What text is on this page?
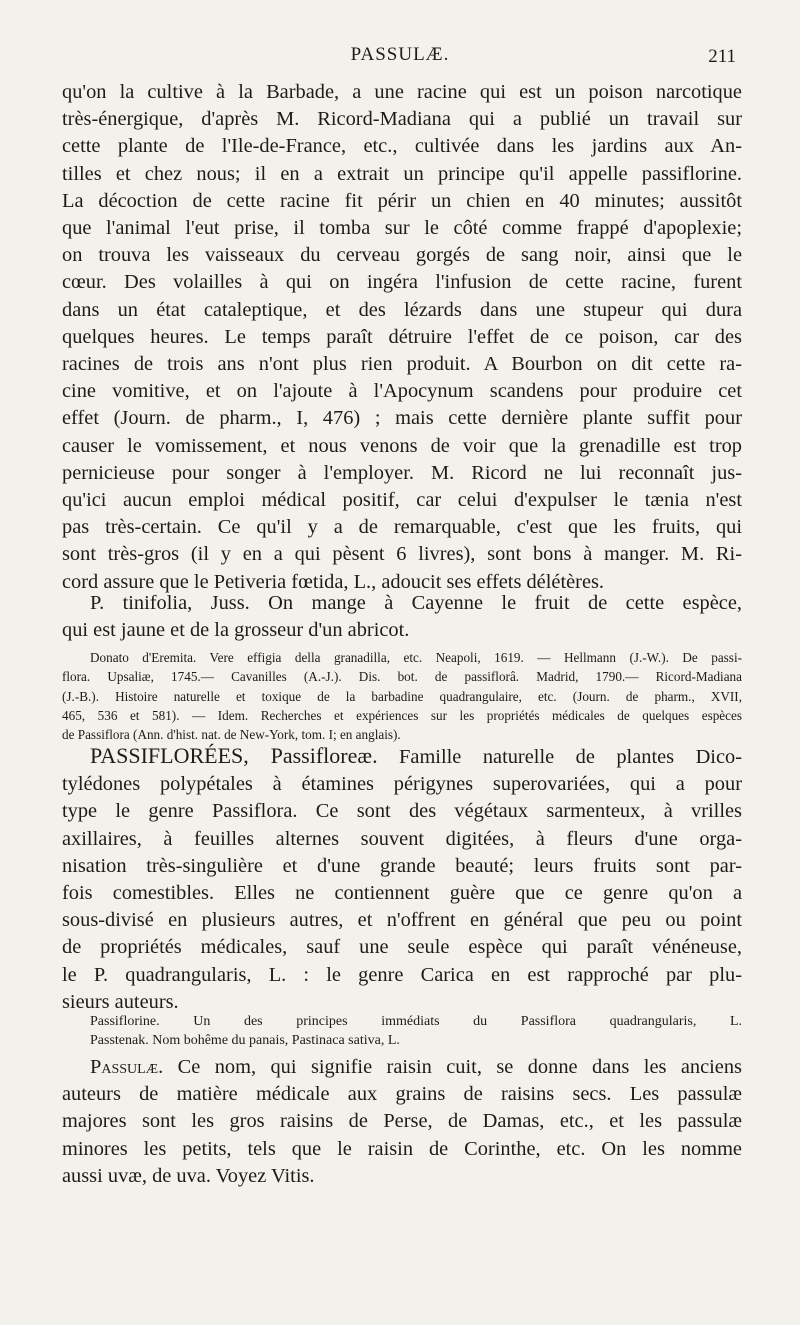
PASSULÆ.	211

qu'on la cultive à la Barbade, a une racine qui est un poison narcotique

très-énergique, d'après M. Ricord-Madiana qui a publié un travail sur

cette plante de l'Ile-de-France, etc., cultivée dans les jardins aux An-

tilles et chez nous; il en a extrait un principe qu'il appelle passiflorine.

La décoction de cette racine fit périr un chien en 40 minutes; aussitôt

que l'animal l'eut prise, il tomba sur le côté comme frappé d'apoplexie;

on trouva les vaisseaux du cerveau gorgés de sang noir, ainsi que le

cœur. Des volailles à qui on ingéra l'infusion de cette racine, furent

dans un état cataleptique, et des lézards dans une stupeur qui dura

quelques heures. Le temps paraît détruire l'effet de ce poison, car des

racines de trois ans n'ont plus rien produit. A Bourbon on dit cette ra-

cine vomitive, et on l'ajoute à l'Apocynum scandens pour produire cet

effet (Journ. de pharm., I, 476) ; mais cette dernière plante suffit pour

causer le vomissement, et nous venons de voir que la grenadille est trop

pernicieuse pour songer à l'employer. M. Ricord ne lui reconnaît jus-

qu'ici aucun emploi médical positif, car celui d'expulser le tænia n'est

pas très-certain. Ce qu'il y a de remarquable, c'est que les fruits, qui

sont très-gros (il y en a qui pèsent 6 livres), sont bons à manger. M. Ri-

cord assure que le Petiveria fœtida, L., adoucit ses effets délétères.

P. tinifolia, Juss. On mange à Cayenne le fruit de cette espèce,

qui est jaune et de la grosseur d'un abricot.

Donato d'Eremita. Vere effigia della granadilla, etc. Neapoli, 1619. — Hellmann (J.-W.). De passi-

flora. Upsaliæ, 1745.— Cavanilles (A.-J.). Dis. bot. de passiflorâ. Madrid, 1790.— Ricord-Madiana

(J.-B.). Histoire naturelle et toxique de la barbadine quadrangulaire, etc. (Journ. de pharm., XVII,

465, 536 et 581). — Idem. Recherches et expériences sur les propriétés médicales de quelques espèces

de Passiflora (Ann. d'hist. nat. de New-York, tom. I; en anglais).

PASSIFLORÉES, Passifloreæ. Famille naturelle de plantes Dico-

tylédones polypétales à étamines périgynes superovariées, qui a pour

type le genre Passiflora. Ce sont des végétaux sarmenteux, à vrilles

axillaires, à feuilles alternes souvent digitées, à fleurs d'une orga-

nisation très-singulière et d'une grande beauté; leurs fruits sont par-

fois comestibles. Elles ne contiennent guère que ce genre qu'on a

sous-divisé en plusieurs autres, et n'offrent en général que peu ou point

de propriétés médicales, sauf une seule espèce qui paraît vénéneuse,

le P. quadrangularis, L. : le genre Carica en est rapproché par plu-

sieurs auteurs.

Passiflorine. Un des principes immédiats du Passiflora quadrangularis, L.

Passtenak. Nom bohême du panais, Pastinaca sativa, L.

Passulæ. Ce nom, qui signifie raisin cuit, se donne dans les anciens

auteurs de matière médicale aux grains de raisins secs. Les passulæ

majores sont les gros raisins de Perse, de Damas, etc., et les passulæ

minores les petits, tels que le raisin de Corinthe, etc. On les nomme

aussi uvæ, de uva. Voyez Vitis.
